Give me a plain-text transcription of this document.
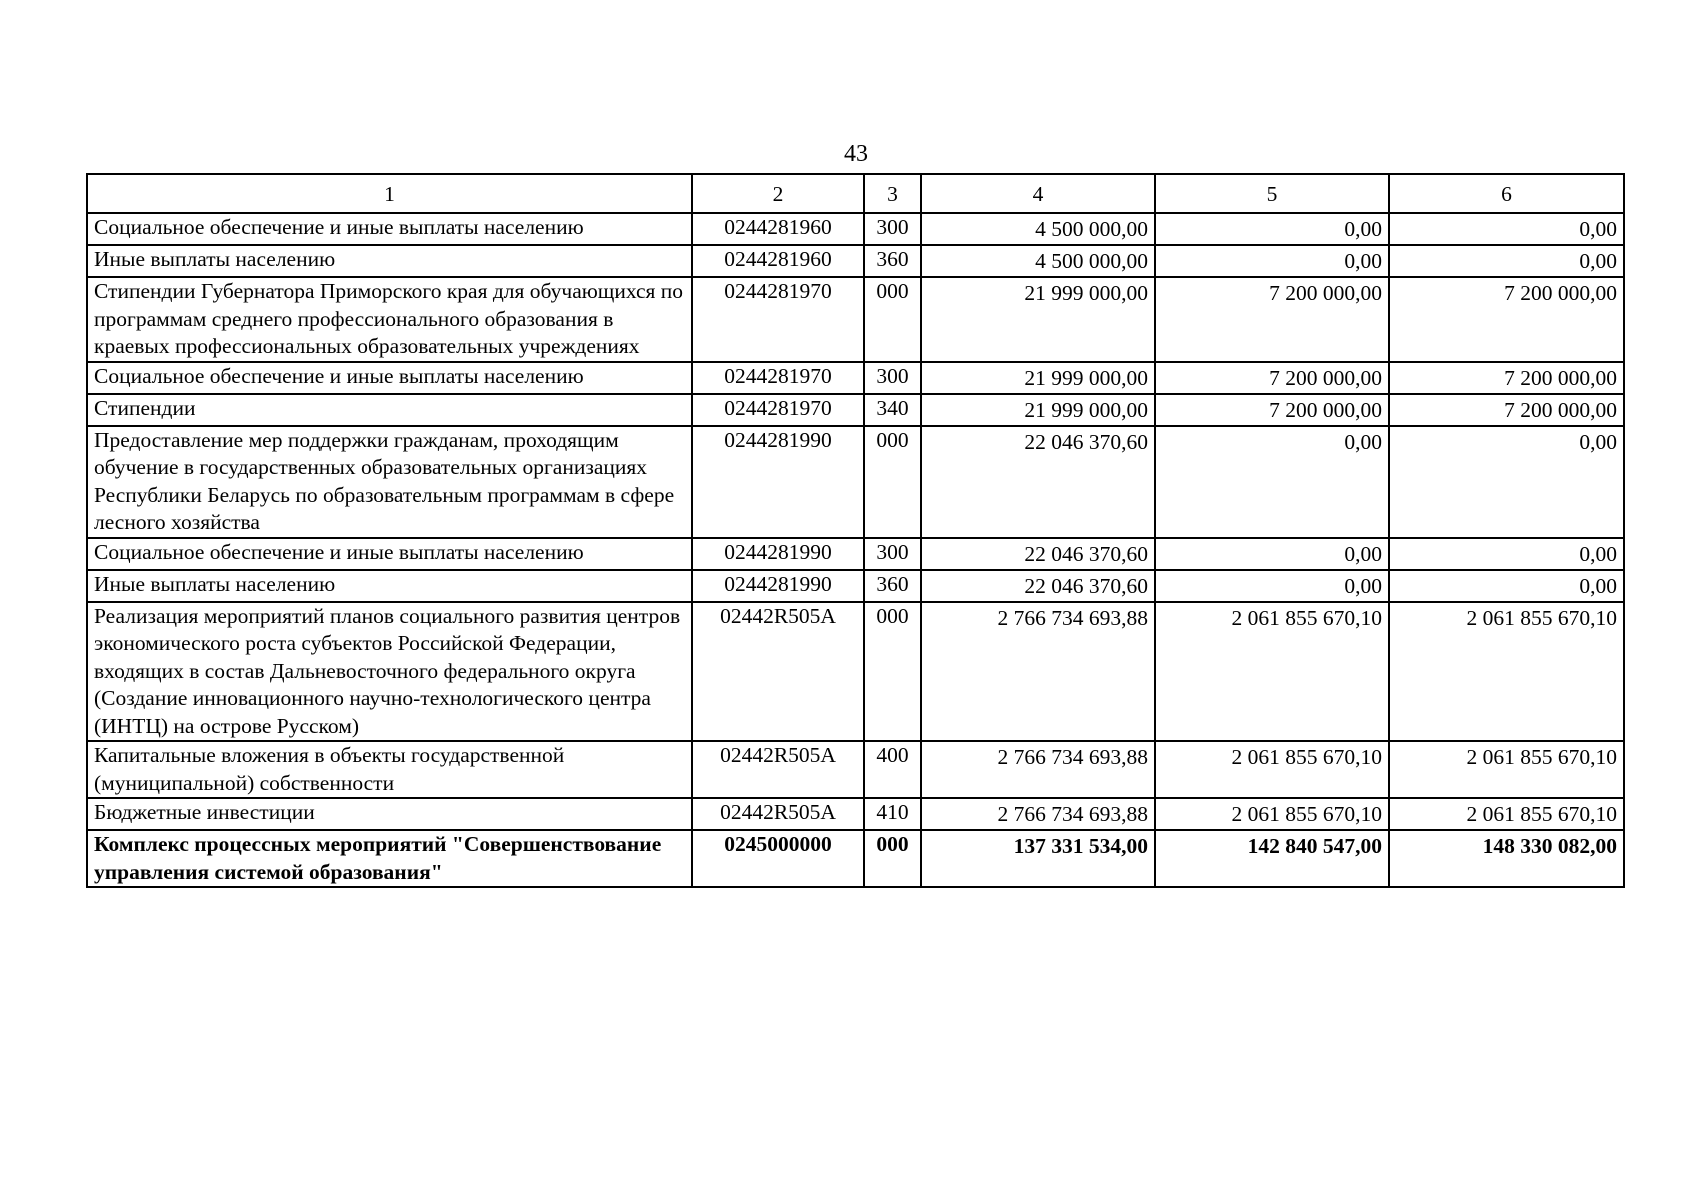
43
1	2	3	4	5	6
Социальное обеспечение и иные выплаты населению	0244281960	300	4 500 000,00	0,00	0,00
Иные выплаты населению	0244281960	360	4 500 000,00	0,00	0,00
Стипендии Губернатора Приморского края для обучающихся по программам среднего профессионального образования в краевых профессиональных образовательных учреждениях	0244281970	000	21 999 000,00	7 200 000,00	7 200 000,00
Социальное обеспечение и иные выплаты населению	0244281970	300	21 999 000,00	7 200 000,00	7 200 000,00
Стипендии	0244281970	340	21 999 000,00	7 200 000,00	7 200 000,00
Предоставление мер поддержки гражданам, проходящим обучение в государственных образовательных организациях Республики Беларусь по образовательным программам в сфере лесного хозяйства	0244281990	000	22 046 370,60	0,00	0,00
Социальное обеспечение и иные выплаты населению	0244281990	300	22 046 370,60	0,00	0,00
Иные выплаты населению	0244281990	360	22 046 370,60	0,00	0,00
Реализация мероприятий планов социального развития центров экономического роста субъектов Российской Федерации, входящих в состав Дальневосточного федерального округа (Создание инновационного научно-технологического центра (ИНТЦ) на острове Русском)	02442R505A	000	2 766 734 693,88	2 061 855 670,10	2 061 855 670,10
Капитальные вложения в объекты государственной (муниципальной) собственности	02442R505A	400	2 766 734 693,88	2 061 855 670,10	2 061 855 670,10
Бюджетные инвестиции	02442R505A	410	2 766 734 693,88	2 061 855 670,10	2 061 855 670,10
Комплекс процессных мероприятий "Совершенствование управления системой образования"	0245000000	000	137 331 534,00	142 840 547,00	148 330 082,00
